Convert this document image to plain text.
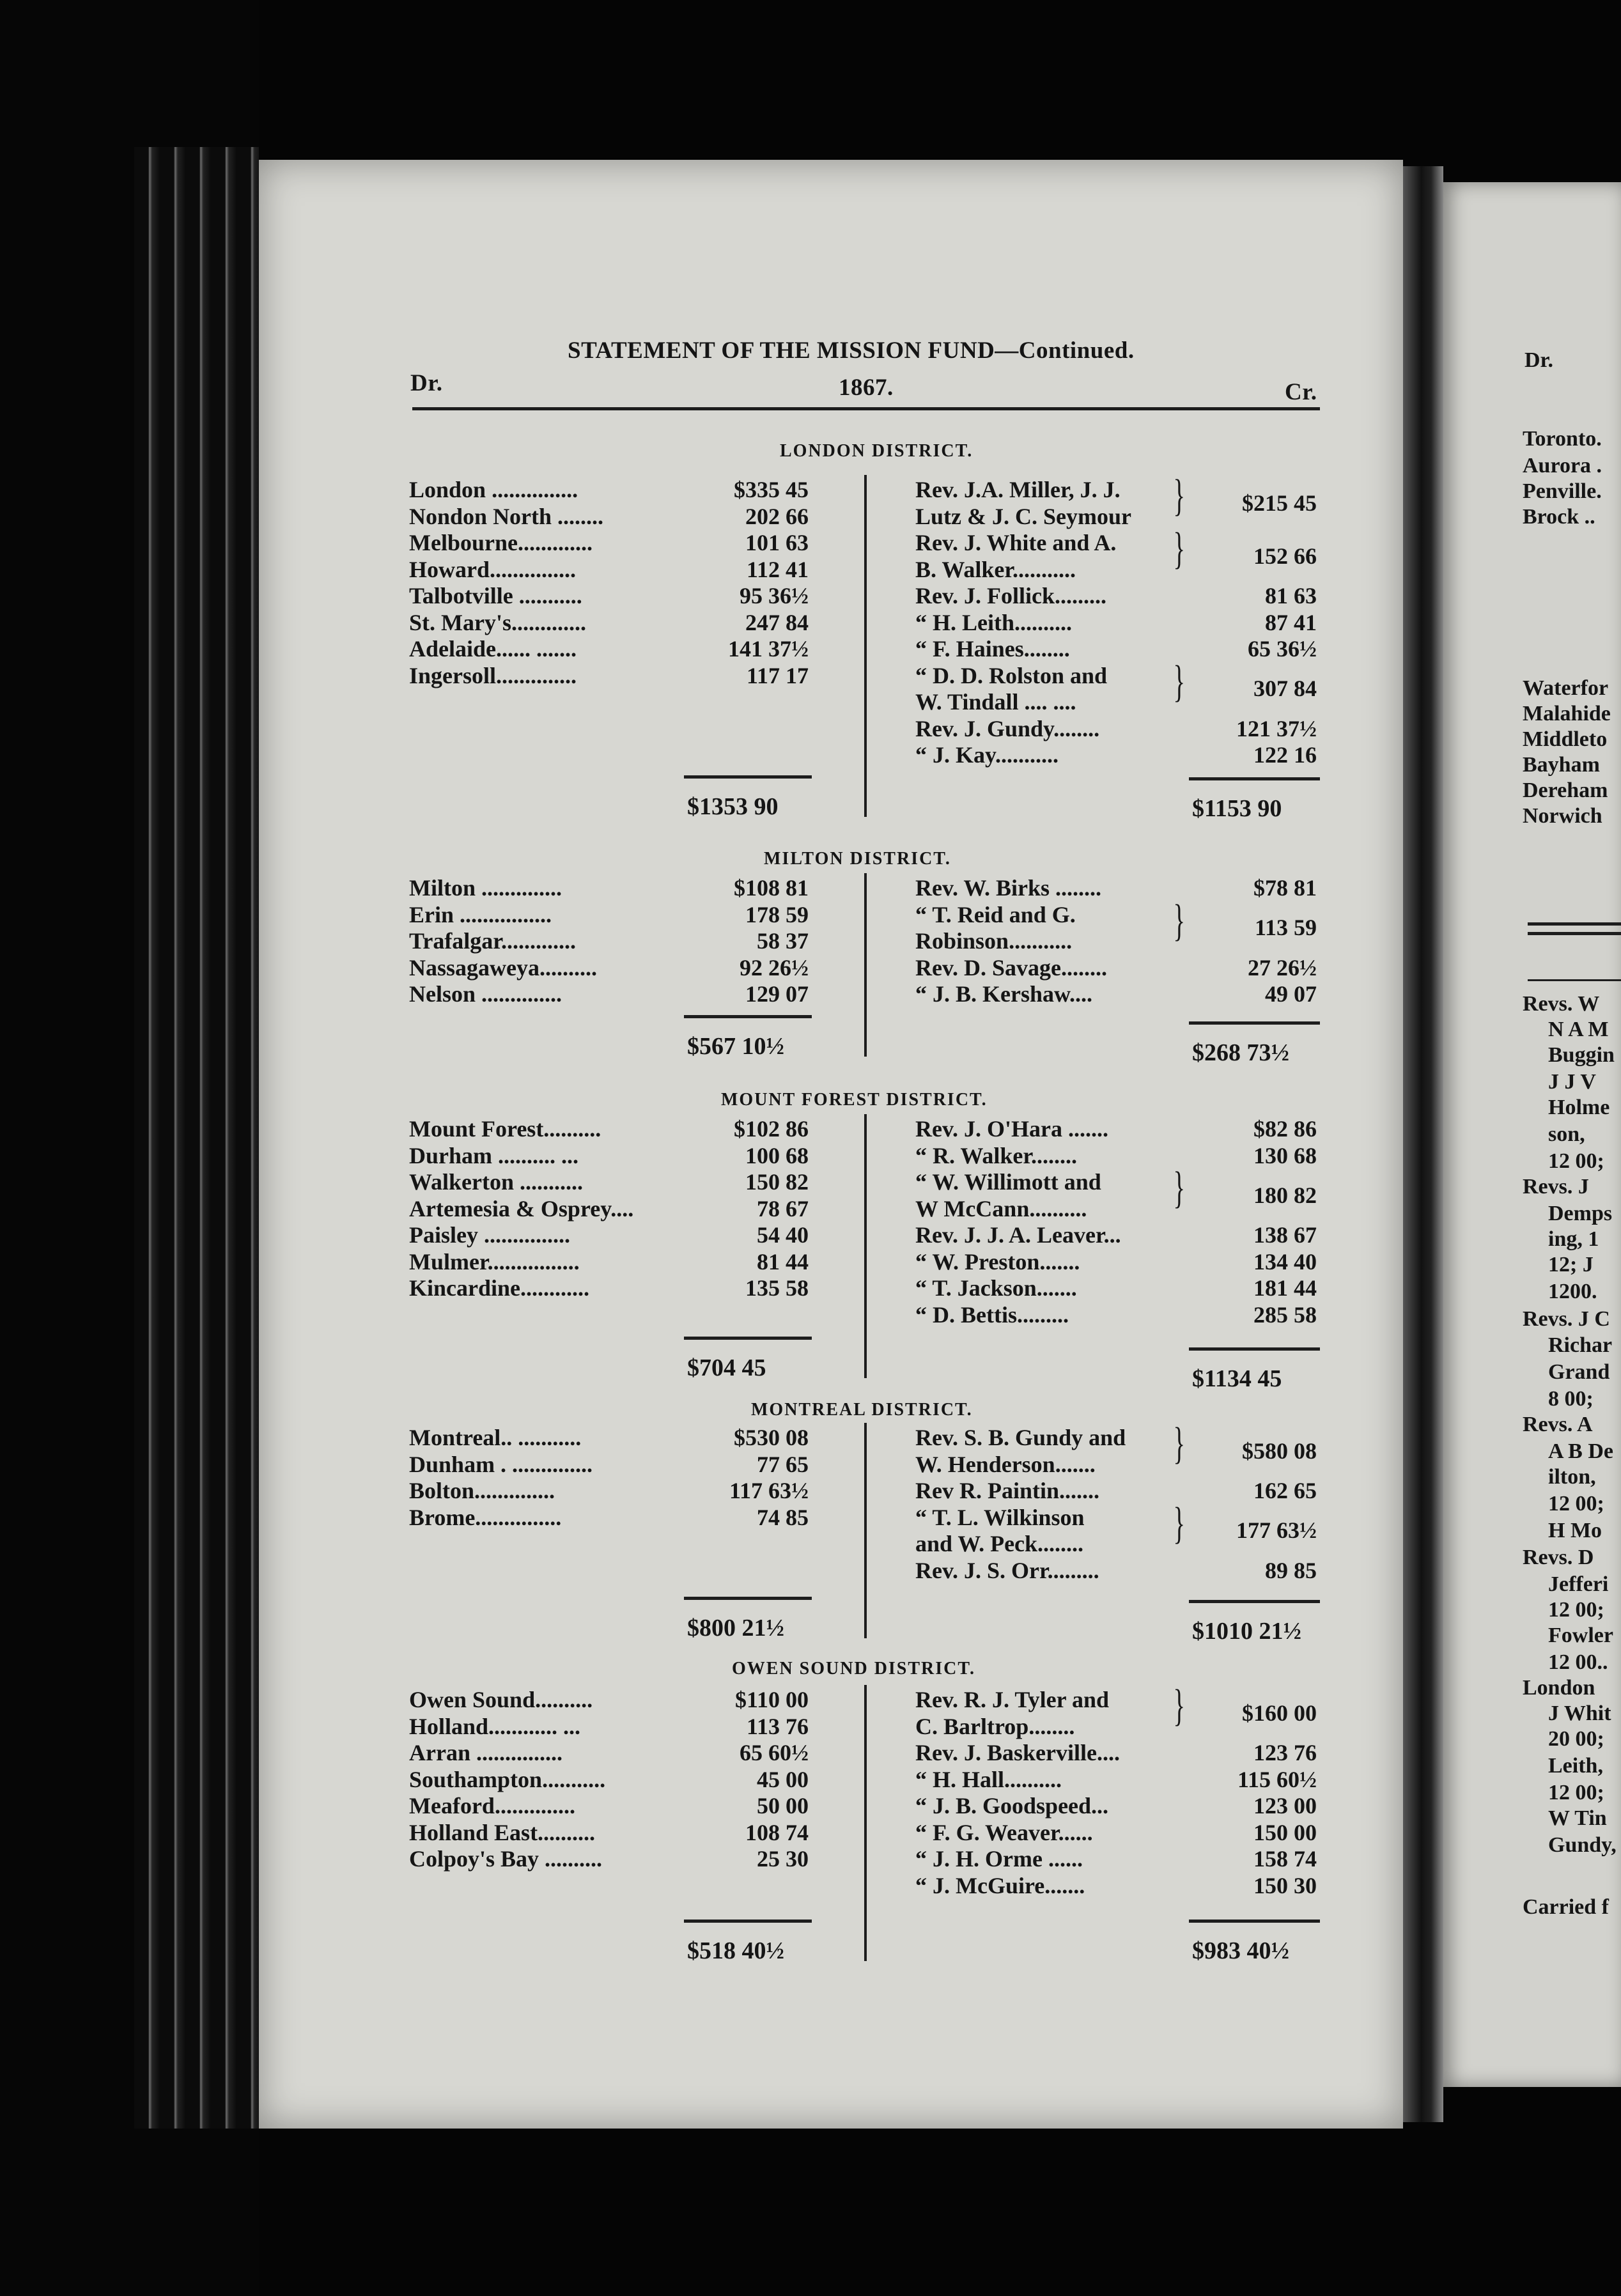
STATEMENT OF THE MISSION FUND—Continued.
Dr.	1867.	Cr.
LONDON DISTRICT.
London ...............	$335 45
Nondon North ........	202 66
Melbourne.............	101 63
Howard...............	112 41
Talbotville ...........	95 36½
St. Mary's.............	247 84
Adelaide...... .......	141 37½
Ingersoll..............	117 17
Rev. J.A. Miller, J. J.
Lutz & J. C. Seymour }	$215 45
Rev. J. White and A.
B. Walker........... }	152 66
Rev. J. Follick.........	81 63
“ H. Leith..........	87 41
“ F. Haines........	65 36½
“ D. D. Rolston and
W. Tindall .... .... }	307 84
Rev. J. Gundy........	121 37½
“ J. Kay...........	122 16
$1353 90	$1153 90
MILTON DISTRICT.
Milton ..............	$108 81
Erin ................	178 59
Trafalgar.............	58 37
Nassagaweya..........	92 26½
Nelson ..............	129 07
Rev. W. Birks ........	$78 81
“ T. Reid and G.
Robinson........... }	113 59
Rev. D. Savage........	27 26½
“ J. B. Kershaw....	49 07
$567 10½	$268 73½
MOUNT FOREST DISTRICT.
Mount Forest..........	$102 86
Durham .......... ...	100 68
Walkerton ...........	150 82
Artemesia & Osprey....	78 67
Paisley ...............	54 40
Mulmer................	81 44
Kincardine............	135 58
Rev. J. O'Hara .......	$82 86
“ R. Walker........	130 68
“ W. Willimott and
W McCann.......... }	180 82
Rev. J. J. A. Leaver...	138 67
“ W. Preston.......	134 40
“ T. Jackson.......	181 44
“ D. Bettis.........	285 58
$704 45	$1134 45
MONTREAL DISTRICT.
Montreal.. ...........	$530 08
Dunham . ..............	77 65
Bolton..............	117 63½
Brome...............	74 85
Rev. S. B. Gundy and
W. Henderson....... }	$580 08
Rev R. Paintin.......	162 65
“ T. L. Wilkinson
and W. Peck........ }	177 63½
Rev. J. S. Orr.........	89 85
$800 21½	$1010 21½
OWEN SOUND DISTRICT.
Owen Sound..........	$110 00
Holland............ ...	113 76
Arran ...............	65 60½
Southampton...........	45 00
Meaford..............	50 00
Holland East..........	108 74
Colpoy's Bay ..........	25 30
Rev. R. J. Tyler and
C. Barltrop........ }	$160 00
Rev. J. Baskerville....	123 76
“ H. Hall..........	115 60½
“ J. B. Goodspeed...	123 00
“ F. G. Weaver......	150 00
“ J. H. Orme ......	158 74
“ J. McGuire.......	150 30
$518 40½	$983 40½
Dr.
Toronto.
Aurora .
Penville.
Brock ..
Waterfor
Malahide
Middleto
Bayham
Dereham
Norwich
Revs. W
N A M
Buggin
J J V
Holme
son,
12 00;
Revs. J
Demps
ing, 1
12; J
1200.
Revs. J C
Richar
Grand
8 00;
Revs. A
A B De
ilton,
12 00;
H Mo
Revs. D
Jefferi
12 00;
Fowler
12 00..
London
J Whit
20 00;
Leith,
12 00;
W Tin
Gundy,
Carried f
